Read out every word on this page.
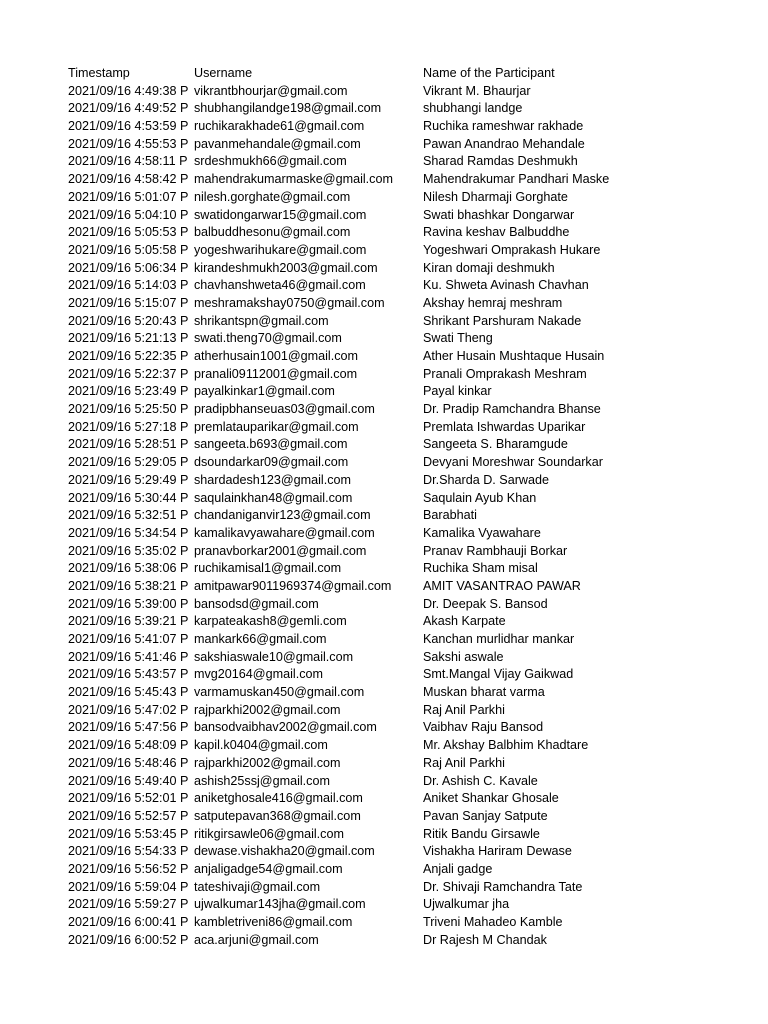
Timestamp	Username	Name of the Participant
2021/09/16 4:49:38 P vikrantbhourjar@gmail.com	Vikrant M. Bhaurjar
2021/09/16 4:49:52 P shubhangilandge198@gmail.com	shubhangi landge
2021/09/16 4:53:59 P ruchikarakhade61@gmail.com	Ruchika rameshwar rakhade
2021/09/16 4:55:53 P pavanmehandale@gmail.com	Pawan Anandrao Mehandale
2021/09/16 4:58:11 P srdeshmukh66@gmail.com	Sharad Ramdas Deshmukh
2021/09/16 4:58:42 P mahendrakumarmaske@gmail.com	Mahendrakumar Pandhari Maske
2021/09/16 5:01:07 P nilesh.gorghate@gmail.com	Nilesh Dharmaji Gorghate
2021/09/16 5:04:10 P swatidongarwar15@gmail.com	Swati bhashkar Dongarwar
2021/09/16 5:05:53 P balbuddhesonu@gmail.com	Ravina keshav Balbuddhe
2021/09/16 5:05:58 P yogeshwarihukare@gmail.com	Yogeshwari Omprakash Hukare
2021/09/16 5:06:34 P kirandeshmukh2003@gmail.com	Kiran domaji deshmukh
2021/09/16 5:14:03 P chavhanshweta46@gmail.com	Ku. Shweta Avinash Chavhan
2021/09/16 5:15:07 P meshramakshay0750@gmail.com	Akshay hemraj meshram
2021/09/16 5:20:43 P shrikantspn@gmail.com	Shrikant Parshuram Nakade
2021/09/16 5:21:13 P swati.theng70@gmail.com	Swati Theng
2021/09/16 5:22:35 P atherhusain1001@gmail.com	Ather Husain Mushtaque Husain
2021/09/16 5:22:37 P pranali09112001@gmail.com	Pranali Omprakash Meshram
2021/09/16 5:23:49 P payalkinkar1@gmail.com	Payal kinkar
2021/09/16 5:25:50 P pradipbhanseuas03@gmail.com	Dr. Pradip Ramchandra Bhanse
2021/09/16 5:27:18 P premlatauparikar@gmail.com	Premlata Ishwardas Uparikar
2021/09/16 5:28:51 P sangeeta.b693@gmail.com	Sangeeta S. Bharamgude
2021/09/16 5:29:05 P dsoundarkar09@gmail.com	Devyani Moreshwar Soundarkar
2021/09/16 5:29:49 P shardadesh123@gmail.com	Dr.Sharda D. Sarwade
2021/09/16 5:30:44 P saqulainkhan48@gmail.com	Saqulain Ayub Khan
2021/09/16 5:32:51 P chandaniganvir123@gmail.com	Barabhati
2021/09/16 5:34:54 P kamalikavyawahare@gmail.com	Kamalika Vyawahare
2021/09/16 5:35:02 P pranavborkar2001@gmail.com	Pranav Rambhauji Borkar
2021/09/16 5:38:06 P ruchikamisal1@gmail.com	Ruchika Sham misal
2021/09/16 5:38:21 P amitpawar9011969374@gmail.com	AMIT VASANTRAO PAWAR
2021/09/16 5:39:00 P bansodsd@gmail.com	Dr. Deepak S. Bansod
2021/09/16 5:39:21 P karpateakash8@gemli.com	Akash Karpate
2021/09/16 5:41:07 P mankark66@gmail.com	Kanchan murlidhar mankar
2021/09/16 5:41:46 P sakshiaswale10@gmail.com	Sakshi aswale
2021/09/16 5:43:57 P mvg20164@gmail.com	Smt.Mangal Vijay Gaikwad
2021/09/16 5:45:43 P varmamuskan450@gmail.com	Muskan bharat varma
2021/09/16 5:47:02 P rajparkhi2002@gmail.com	Raj Anil Parkhi
2021/09/16 5:47:56 P bansodvaibhav2002@gmail.com	Vaibhav Raju Bansod
2021/09/16 5:48:09 P kapil.k0404@gmail.com	Mr. Akshay Balbhim Khadtare
2021/09/16 5:48:46 P rajparkhi2002@gmail.com	Raj Anil Parkhi
2021/09/16 5:49:40 P ashish25ssj@gmail.com	Dr. Ashish C. Kavale
2021/09/16 5:52:01 P aniketghosale416@gmail.com	Aniket Shankar Ghosale
2021/09/16 5:52:57 P satputepavan368@gmail.com	Pavan Sanjay Satpute
2021/09/16 5:53:45 P ritikgirsawle06@gmail.com	Ritik Bandu Girsawle
2021/09/16 5:54:33 P dewase.vishakha20@gmail.com	Vishakha Hariram Dewase
2021/09/16 5:56:52 P anjaligadge54@gmail.com	Anjali gadge
2021/09/16 5:59:04 P tateshivaji@gmail.com	Dr. Shivaji Ramchandra Tate
2021/09/16 5:59:27 P ujwalkumar143jha@gmail.com	Ujwalkumar jha
2021/09/16 6:00:41 P kambletriveni86@gmail.com	Triveni Mahadeo Kamble
2021/09/16 6:00:52 P aca.arjuni@gmail.com	Dr Rajesh M Chandak
